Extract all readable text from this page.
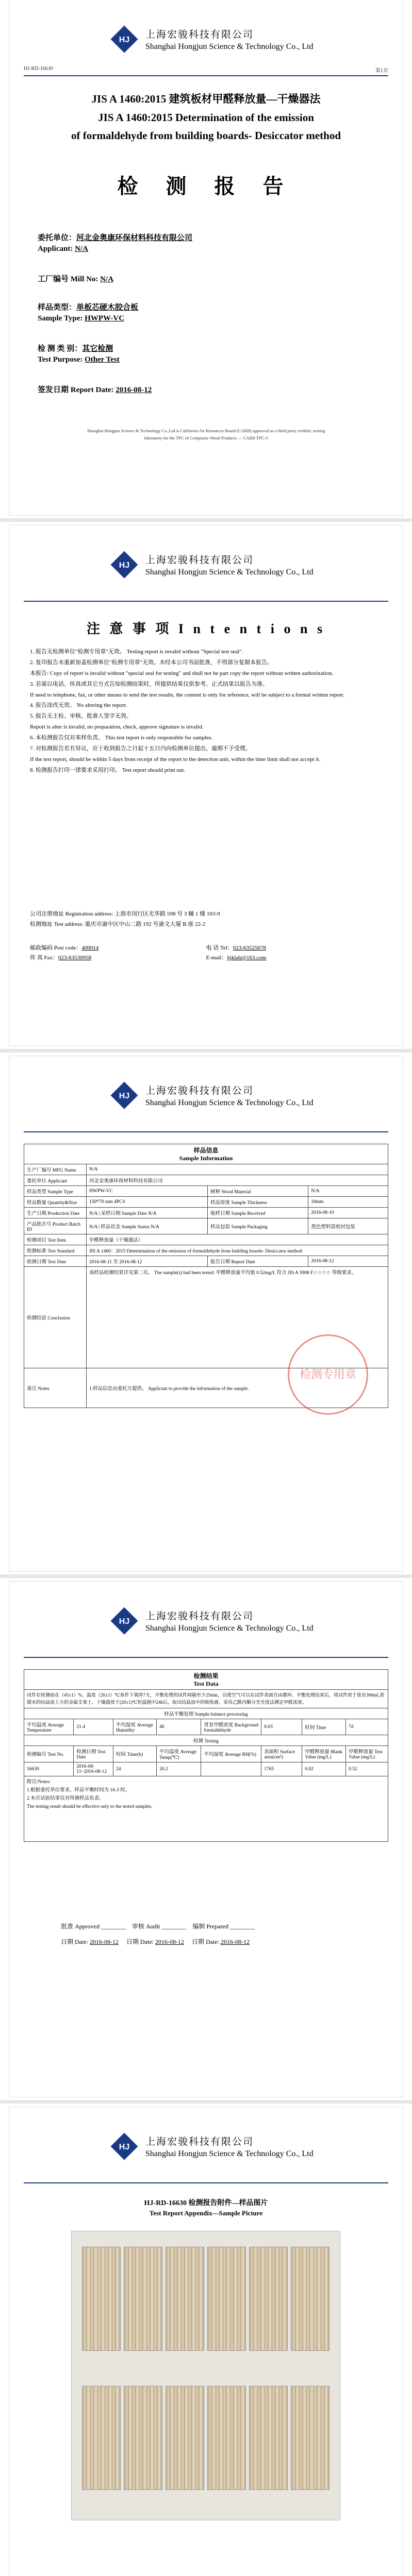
HJ 上海宏骏科技有限公司
Shanghai Hongjun Science & Technology Co., Ltd
HJ-RD-16630	第1页
JIS A 1460:2015 建筑板材甲醛释放量—干燥器法
JIS A 1460:2015 Determination of the emission
of formaldehyde from building boards- Desiccator method
检 测 报 告
委托单位：河北金奥康环保材料科技有限公司
Applicant: N/A
工厂编号 Mill No: N/A
样品类型：单板芯硬木胶合板
Sample Type: HWPW-VC
检 测 类 别：其它检测
Test Purpose: Other Test
签发日期 Report Date: 2016-08-12
Shanghai Hongjun Science & Technology Co.,Ltd is California Air Resources Board (CARB) approved as a third party certifier, testing laboratory for the TPC of Composite Wood Products — CARB TPC-3
HJ 上海宏骏科技有限公司
Shanghai Hongjun Science & Technology Co., Ltd
注 意 事 项 I n t e n t i o n s
1. 报告无检测单位"检测专用章"无效。 Testing report is invalid without "Special test seal".
2. 复印报告未重新加盖检测单位"检测专用章"无效。未经本公司书面批准，不得部分复制本报告。
本报告: Copy of report is invalid without "special seal for testing" and shall not be part copy the report without written authorization.
3. 若需以电话、传真或其它方式告知检测结果时，所提供结果仅供参考。正式结果以报告为准。
If need to telephone, fax, or other means to send the test results, the content is only for reference, will be subject to a formal written report.
4. 报告涂改无效。 No altering the report.
5. 报告无主检、审核、批准人签字无效。
Report is alter is invalid, no preparation, check, approve signature is invalid.
6. 本检测报告仅对来样负责。 This test report is only responsible for samples.
7. 对检测报告若有异议，应于收到报告之日起十五日内向检测单位提出，逾期不予受理。
If the test report, should be within 5 days from receipt of the report to the detection unit, within the time limit shall not accept it.
8. 检测报告打印一律要求采用打印。 Test report should print out.
公司注册地址 Registration address: 上海市闵行区光华路 598 号 3 幢 1 楼 103-9
检测地址 Test address: 重庆市渝中区中山二路 192 号渝文大厦 B 座 22-2
邮政编码 Post code：400014	电 话 Tel：023-63525678
传 真 Fax：023-63530958	E-mail：hjklab@163.com
HJ 上海宏骏科技有限公司
Shanghai Hongjun Science & Technology Co., Ltd
样品信息
Sample Information			

生产厂编号 MFG Name	N/A		
委托单位 Applicant	河北金奥康环保材料科技有限公司		
样品类型 Sample Type	HWPW-VC	树种 Wood Material	N/A
样品数量 Quantity&Size	150*70 mm 4PCS	样品厚度 Sample Thickness	18mm
生产日期 Production Date	N/A | 采样日期 Sample Date N/A	收样日期 Sample Received	2016-08-10
产品批次号 Product Batch ID	N/A | 样品状态 Sample Status N/A	样品包装 Sample Packaging	黑色塑料袋密封包装
检测项目 Test Item	甲醛释放量（干燥器法）		
检测标准 Test Standard	JIS A 1460：2015 Determination of the emission of formaldehyde from building boards- Desiccator method		
检测日期 Test Date	2016-08-11 至 2016-08-12	报告日期 Report Date	2016-08-12
检测结论 Conclusion	该样品检测结果详见第二页。 The sample(s) had been tested: 甲醛释放量平均值 0.52mg/L 符合 JIS A 5908 F☆☆☆☆ 等级要求。		
备注 Notes	1.样品信息由委托方提供。 Applicant to provide the information of the sample.		
检测专用章
HJ 上海宏骏科技有限公司
Shanghai Hongjun Science & Technology Co., Ltd
检测结果
Test Data							

试件在检测前在（45±1）%、温度（20±1）℃条件下调养7天，平衡处理的试件间隔至少25mm，以使空气可以在试件表面自由循环。平衡处理结束后，将试件放于装有300mL蒸馏水的结晶皿上方的金属支架上，干燥器放于(20±1)℃恒温箱中24h后，取出结晶皿中的吸收液，采用乙酰丙酮分光光度法测定甲醛浓度。							
样品平衡处理 Sample balance processing							
平均温度 Average Temperature	21.4	平均湿度 Average Humidity	46	背景甲醛浓度 Background formaldehyde	0.03	时间 Time	7d
检测 Testing							
检测编号 Test No.	检测日期 Test Date	时间 Time(h)	平均温度 Average Temp(℃)	平均湿度 Average RH(%)	表面积 Surface area(cm²)	甲醛释放量 Blank Value (mg/L)	甲醛释放量 Test Value (mg/L)
16630	2016-08-11~2016-08-12	24	20.2		1765	0.02	0.52

附注/Notes：
1.根据委托单位要求，样品平衡时间为 16-3 时。
2.本次试验结果仅对所测样品负责。
The testing result should be effective only to the tested samples.							
批准 Approved ________    审核 Audit ________    编制 Prepared ________
日期 Date: 2016-08-12 日期 Date: 2016-08-12 日期 Date: 2016-08-12
HJ 上海宏骏科技有限公司
Shanghai Hongjun Science & Technology Co., Ltd
HJ-RD-16630 检测报告附件—样品图片
Test Report Appendix—Sample Picture
